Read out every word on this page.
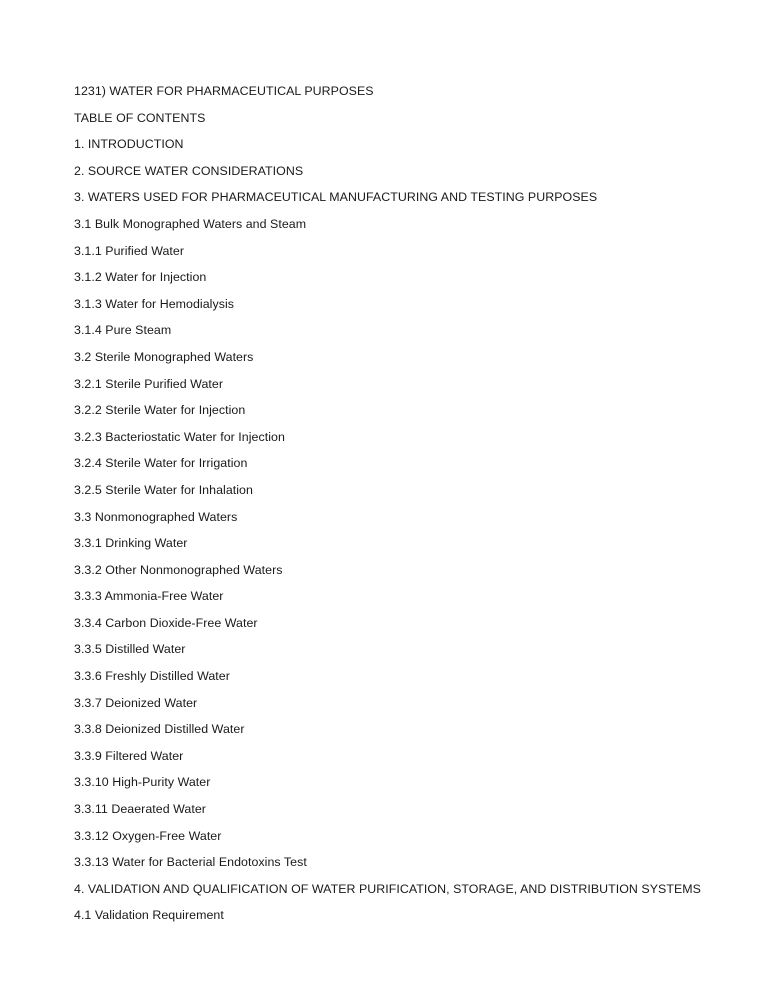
1231) WATER FOR PHARMACEUTICAL PURPOSES
TABLE OF CONTENTS
1. INTRODUCTION
2. SOURCE WATER CONSIDERATIONS
3. WATERS USED FOR PHARMACEUTICAL MANUFACTURING AND TESTING PURPOSES
3.1 Bulk Monographed Waters and Steam
3.1.1 Purified Water
3.1.2 Water for Injection
3.1.3 Water for Hemodialysis
3.1.4 Pure Steam
3.2 Sterile Monographed Waters
3.2.1 Sterile Purified Water
3.2.2 Sterile Water for Injection
3.2.3 Bacteriostatic Water for Injection
3.2.4 Sterile Water for Irrigation
3.2.5 Sterile Water for Inhalation
3.3 Nonmonographed Waters
3.3.1 Drinking Water
3.3.2 Other Nonmonographed Waters
3.3.3 Ammonia-Free Water
3.3.4 Carbon Dioxide-Free Water
3.3.5 Distilled Water
3.3.6 Freshly Distilled Water
3.3.7 Deionized Water
3.3.8 Deionized Distilled Water
3.3.9 Filtered Water
3.3.10 High-Purity Water
3.3.11 Deaerated Water
3.3.12 Oxygen-Free Water
3.3.13 Water for Bacterial Endotoxins Test
4. VALIDATION AND QUALIFICATION OF WATER PURIFICATION, STORAGE, AND DISTRIBUTION SYSTEMS
4.1 Validation Requirement
